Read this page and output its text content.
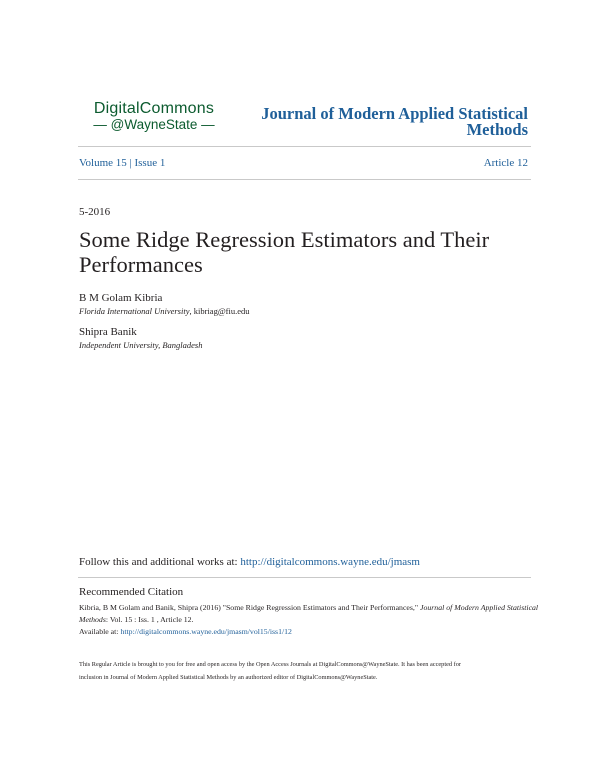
DigitalCommons
— @WayneState —
Journal of Modern Applied Statistical
Methods
Volume 15 | Issue 1	Article 12
5-2016
Some Ridge Regression Estimators and Their Performances
B M Golam Kibria
Florida International University, kibriag@fiu.edu
Shipra Banik
Independent University, Bangladesh
Follow this and additional works at: http://digitalcommons.wayne.edu/jmasm
Recommended Citation
Kibria, B M Golam and Banik, Shipra (2016) "Some Ridge Regression Estimators and Their Performances," Journal of Modern Applied Statistical Methods: Vol. 15 : Iss. 1 , Article 12.
Available at: http://digitalcommons.wayne.edu/jmasm/vol15/iss1/12
This Regular Article is brought to you for free and open access by the Open Access Journals at DigitalCommons@WayneState. It has been accepted for
inclusion in Journal of Modern Applied Statistical Methods by an authorized editor of DigitalCommons@WayneState.
